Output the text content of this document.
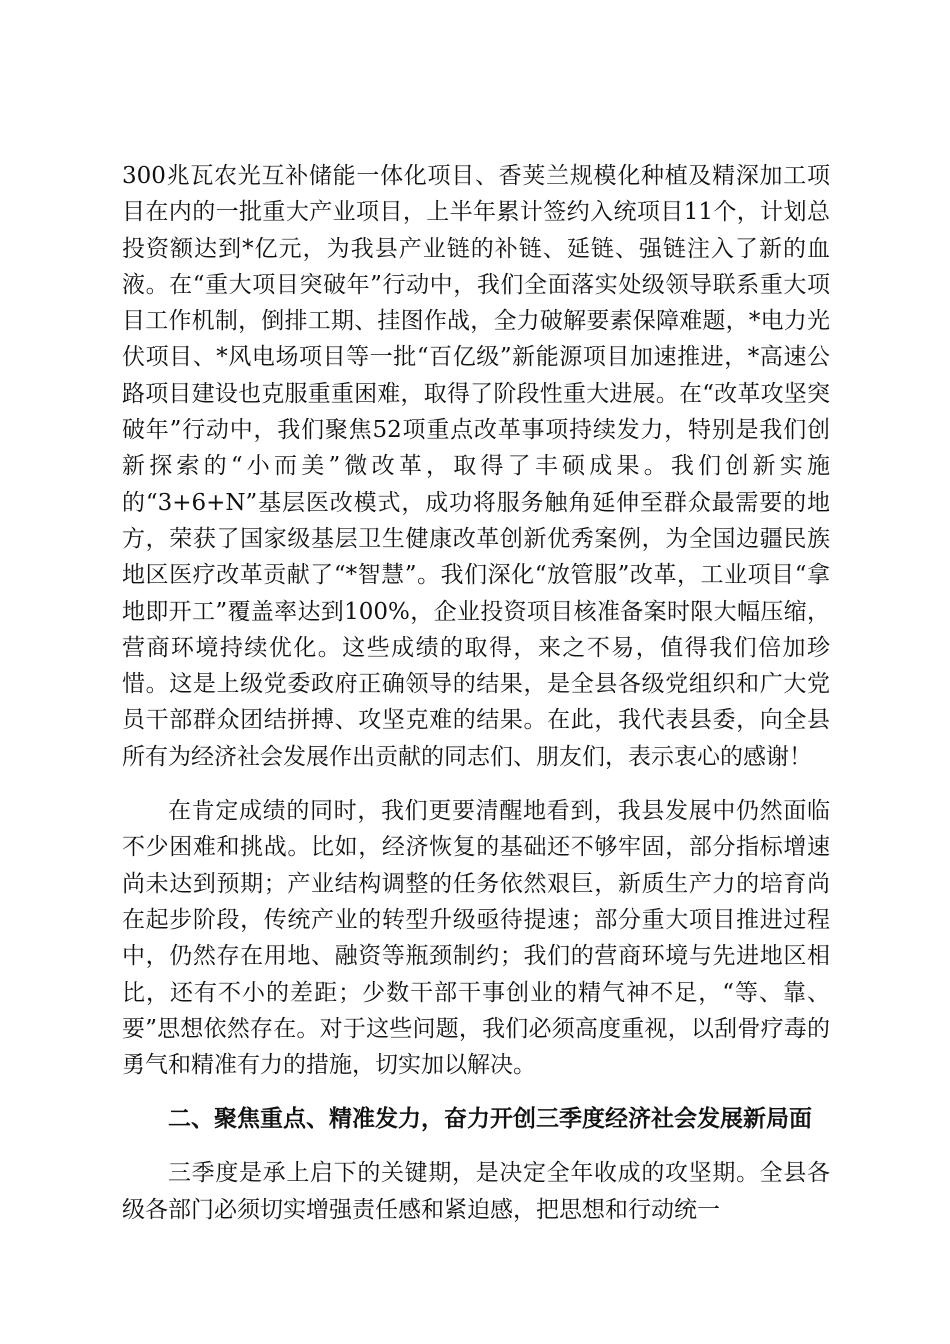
300兆瓦农光互补储能一体化项目、香荚兰规模化种植及精深加工项目在内的一批重大产业项目，上半年累计签约入统项目11个，计划总投资额达到*亿元，为我县产业链的补链、延链、强链注入了新的血液。在“重大项目突破年”行动中，我们全面落实处级领导联系重大项目工作机制，倒排工期、挂图作战，全力破解要素保障难题，*电力光伏项目、*风电场项目等一批“百亿级”新能源项目加速推进，*高速公路项目建设也克服重重困难，取得了阶段性重大进展。在“改革攻坚突破年”行动中，我们聚焦52项重点改革事项持续发力，特别是我们创新探索的“小而美”微改革，取得了丰硕成果。我们创新实施的“3+6+N”基层医改模式，成功将服务触角延伸至群众最需要的地方，荣获了国家级基层卫生健康改革创新优秀案例，为全国边疆民族地区医疗改革贡献了“*智慧”。我们深化“放管服”改革，工业项目“拿地即开工”覆盖率达到100%，企业投资项目核准备案时限大幅压缩，营商环境持续优化。这些成绩的取得，来之不易，值得我们倍加珍惜。这是上级党委政府正确领导的结果，是全县各级党组织和广大党员干部群众团结拼搏、攻坚克难的结果。在此，我代表县委，向全县所有为经济社会发展作出贡献的同志们、朋友们，表示衷心的感谢！

在肯定成绩的同时，我们更要清醒地看到，我县发展中仍然面临不少困难和挑战。比如，经济恢复的基础还不够牢固，部分指标增速尚未达到预期；产业结构调整的任务依然艰巨，新质生产力的培育尚在起步阶段，传统产业的转型升级亟待提速；部分重大项目推进过程中，仍然存在用地、融资等瓶颈制约；我们的营商环境与先进地区相比，还有不小的差距；少数干部干事创业的精气神不足，“等、靠、要”思想依然存在。对于这些问题，我们必须高度重视，以刮骨疗毒的勇气和精准有力的措施，切实加以解决。

二、聚焦重点、精准发力，奋力开创三季度经济社会发展新局面

三季度是承上启下的关键期，是决定全年收成的攻坚期。全县各级各部门必须切实增强责任感和紧迫感，把思想和行动统一
